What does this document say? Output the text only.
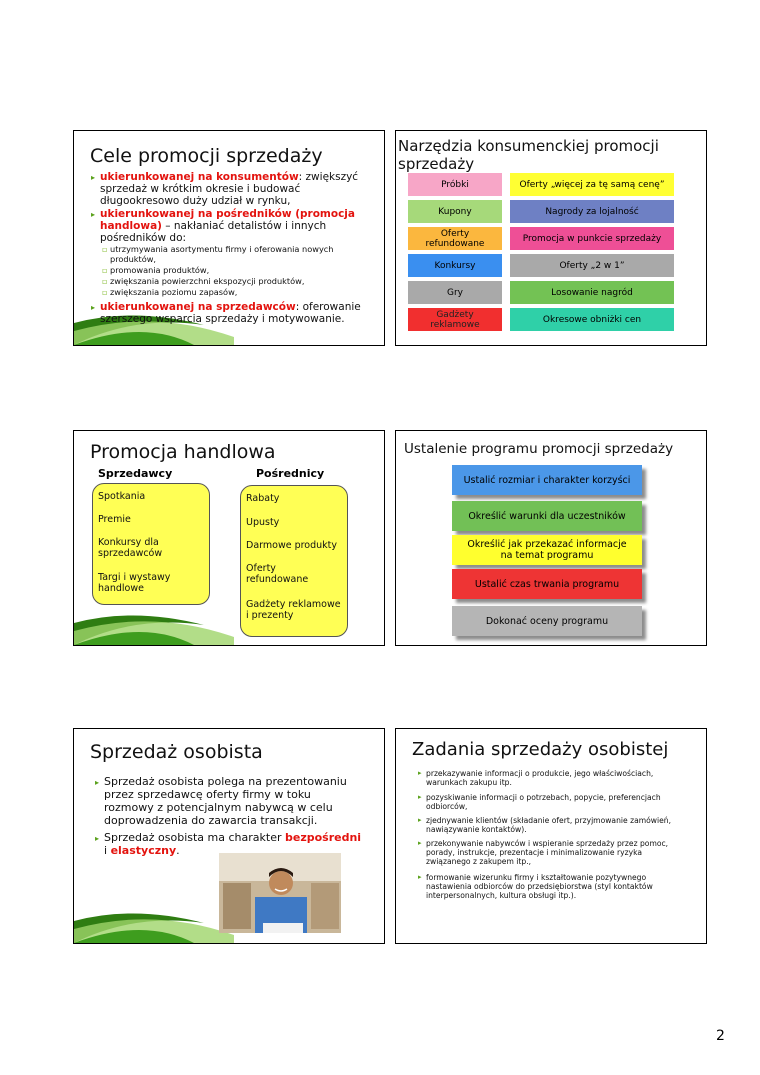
Cele promocji sprzedaży
▸ ukierunkowanej na konsumentów: zwiększyć
sprzedaż w krótkim okresie i budować
długookresowo duży udział w rynku,
▸ ukierunkowanej na pośredników (promocja
handlowa) – nakłaniać detalistów i innych
pośredników do:
▫ utrzymywania asortymentu firmy i oferowania nowych
produktów,
▫ promowania produktów,
▫ zwiększania powierzchni ekspozycji produktów,
▫ zwiększania poziomu zapasów,
▸ ukierunkowanej na sprzedawców: oferowanie
szerszego wsparcia sprzedaży i motywowanie.
Narzędzia konsumenckiej promocji
sprzedaży
Próbki
Kupony
Oferty
refundowane
Konkursy
Gry
Gadżety
reklamowe
Oferty „więcej za tę samą cenę”
Nagrody za lojalność
Promocja w punkcie sprzedaży
Oferty „2 w 1”
Losowanie nagród
Okresowe obniżki cen
Promocja handlowa
Sprzedawcy	Pośrednicy
Spotkania
Premie
Konkursy dla
sprzedawców
Targi i wystawy
handlowe
Rabaty
Upusty
Darmowe produkty
Oferty
refundowane
Gadżety reklamowe
i prezenty
Ustalenie programu promocji sprzedaży
Ustalić rozmiar i charakter korzyści
Określić warunki dla uczestników
Określić jak przekazać informacje
na temat programu
Ustalić czas trwania programu
Dokonać oceny programu
Sprzedaż osobista
▸ Sprzedaż osobista polega na prezentowaniu
przez sprzedawcę oferty firmy w toku
rozmowy z potencjalnym nabywcą w celu
doprowadzenia do zawarcia transakcji.
▸ Sprzedaż osobista ma charakter bezpośredni
i elastyczny.
Zadania sprzedaży osobistej
▸ przekazywanie informacji o produkcie, jego właściwościach,
warunkach zakupu itp.
▸ pozyskiwanie informacji o potrzebach, popycie, preferencjach
odbiorców,
▸ zjednywanie klientów (składanie ofert, przyjmowanie zamówień,
nawiązywanie kontaktów).
▸ przekonywanie nabywców i wspieranie sprzedaży przez pomoc,
porady, instrukcje, prezentacje i minimalizowanie ryzyka
związanego z zakupem itp.,
▸ formowanie wizerunku firmy i kształtowanie pozytywnego
nastawienia odbiorców do przedsiębiorstwa (styl kontaktów
interpersonalnych, kultura obsługi itp.).
2
